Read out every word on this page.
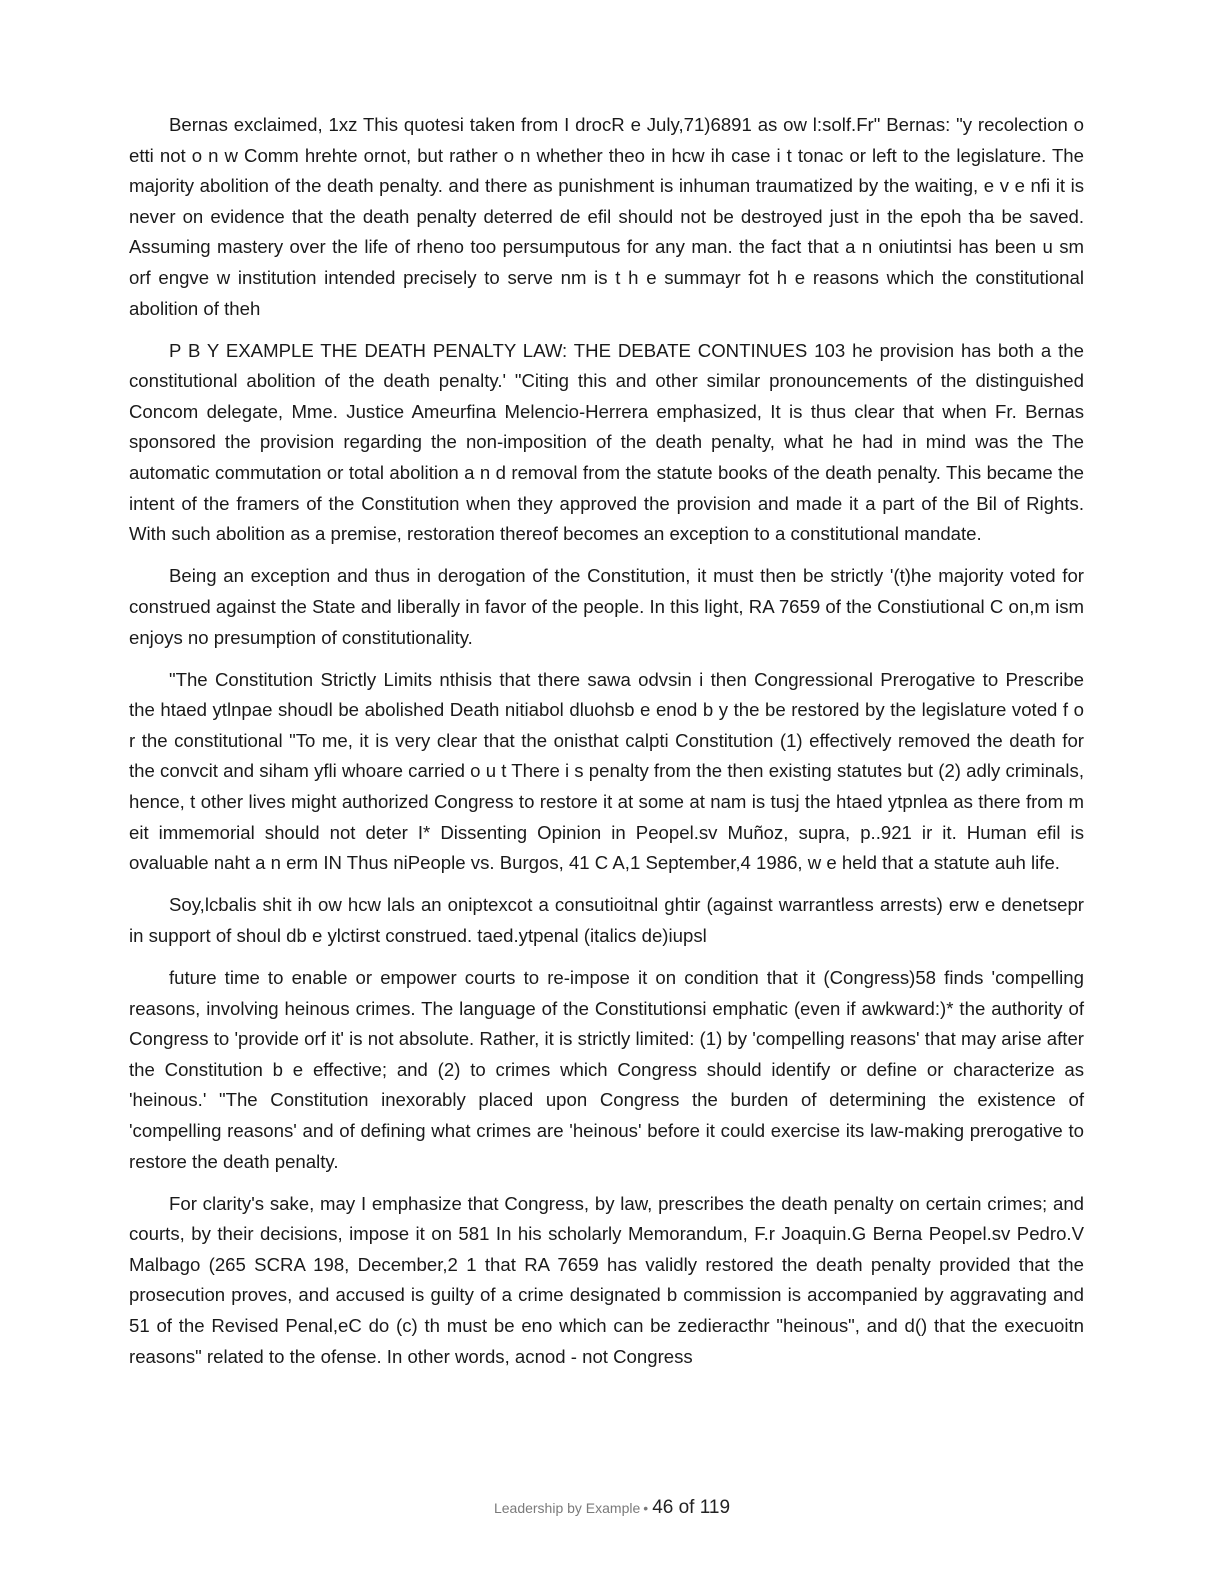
Bernas exclaimed, 1xz This quotesi taken from I drocR e July,71)6891 as ow l:solf.Fr" Bernas: "y recolection o etti not o n w Comm hrehte ornot, but rather o n whether theo in hcw ih case i t tonac or left to the legislature. The majority abolition of the death penalty. and there as punishment is inhuman traumatized by the waiting, e v e nfi it is never on evidence that the death penalty deterred de efil should not be destroyed just in the epoh tha be saved. Assuming mastery over the life of rheno too persumputous for any man. the fact that a n oniutintsi has been u sm orf engve w institution intended precisely to serve nm is t h e summayr fot h e reasons which the constitutional abolition of theh

P B Y EXAMPLE THE DEATH PENALTY LAW: THE DEBATE CONTINUES 103 he provision has both a the constitutional abolition of the death penalty.' "Citing this and other similar pronouncements of the distinguished Concom delegate, Mme. Justice Ameurfina Melencio-Herrera emphasized, It is thus clear that when Fr. Bernas sponsored the provision regarding the non-imposition of the death penalty, what he had in mind was the The automatic commutation or total abolition a n d removal from the statute books of the death penalty. This became the intent of the framers of the Constitution when they approved the provision and made it a part of the Bil of Rights. With such abolition as a premise, restoration thereof becomes an exception to a constitutional mandate.

Being an exception and thus in derogation of the Constitution, it must then be strictly '(t)he majority voted for construed against the State and liberally in favor of the people. In this light, RA 7659 of the Constiutional C on,m ism enjoys no presumption of constitutionality.

"The Constitution Strictly Limits nthisis that there sawa odvsin i then Congressional Prerogative to Prescribe the htaed ytlnpae shoudl be abolished Death nitiabol dluohsb e enod b y the be restored by the legislature voted f o r the constitutional "To me, it is very clear that the onisthat calpti Constitution (1) effectively removed the death for the convcit and siham yfli whoare carried o u t There i s penalty from the then existing statutes but (2) adly criminals, hence, t other lives might authorized Congress to restore it at some at nam is tusj the htaed ytpnlea as there from m eit immemorial should not deter I* Dissenting Opinion in Peopel.sv Muñoz, supra, p..921 ir it. Human efil is ovaluable naht a n erm IN Thus niPeople vs. Burgos, 41 C A,1 September,4 1986, w e held that a statute auh life.

Soy,lcbalis shit ih ow hcw lals an oniptexcot a consutioitnal ghtir (against warrantless arrests) erw e denetsepr in support of shoul db e ylctirst construed. taed.ytpenal (italics de)iupsl

future time to enable or empower courts to re-impose it on condition that it (Congress)58 finds 'compelling reasons, involving heinous crimes. The language of the Constitutionsi emphatic (even if awkward:)* the authority of Congress to 'provide orf it' is not absolute. Rather, it is strictly limited: (1) by 'compelling reasons' that may arise after the Constitution b e effective; and (2) to crimes which Congress should identify or define or characterize as 'heinous.' "The Constitution inexorably placed upon Congress the burden of determining the existence of 'compelling reasons' and of defining what crimes are 'heinous' before it could exercise its law-making prerogative to restore the death penalty.

For clarity's sake, may I emphasize that Congress, by law, prescribes the death penalty on certain crimes; and courts, by their decisions, impose it on 581 In his scholarly Memorandum, F.r Joaquin.G Berna Peopel.sv Pedro.V Malbago (265 SCRA 198, December,2 1 that RA 7659 has validly restored the death penalty provided that the prosecution proves, and accused is guilty of a crime designated b commission is accompanied by aggravating and 51 of the Revised Penal,eC do (c) th must be eno which can be zedieracthr "heinous", and d() that the execuoitn reasons" related to the ofense. In other words, acnod - not Congress

Leadership by Example • 46 of 119
